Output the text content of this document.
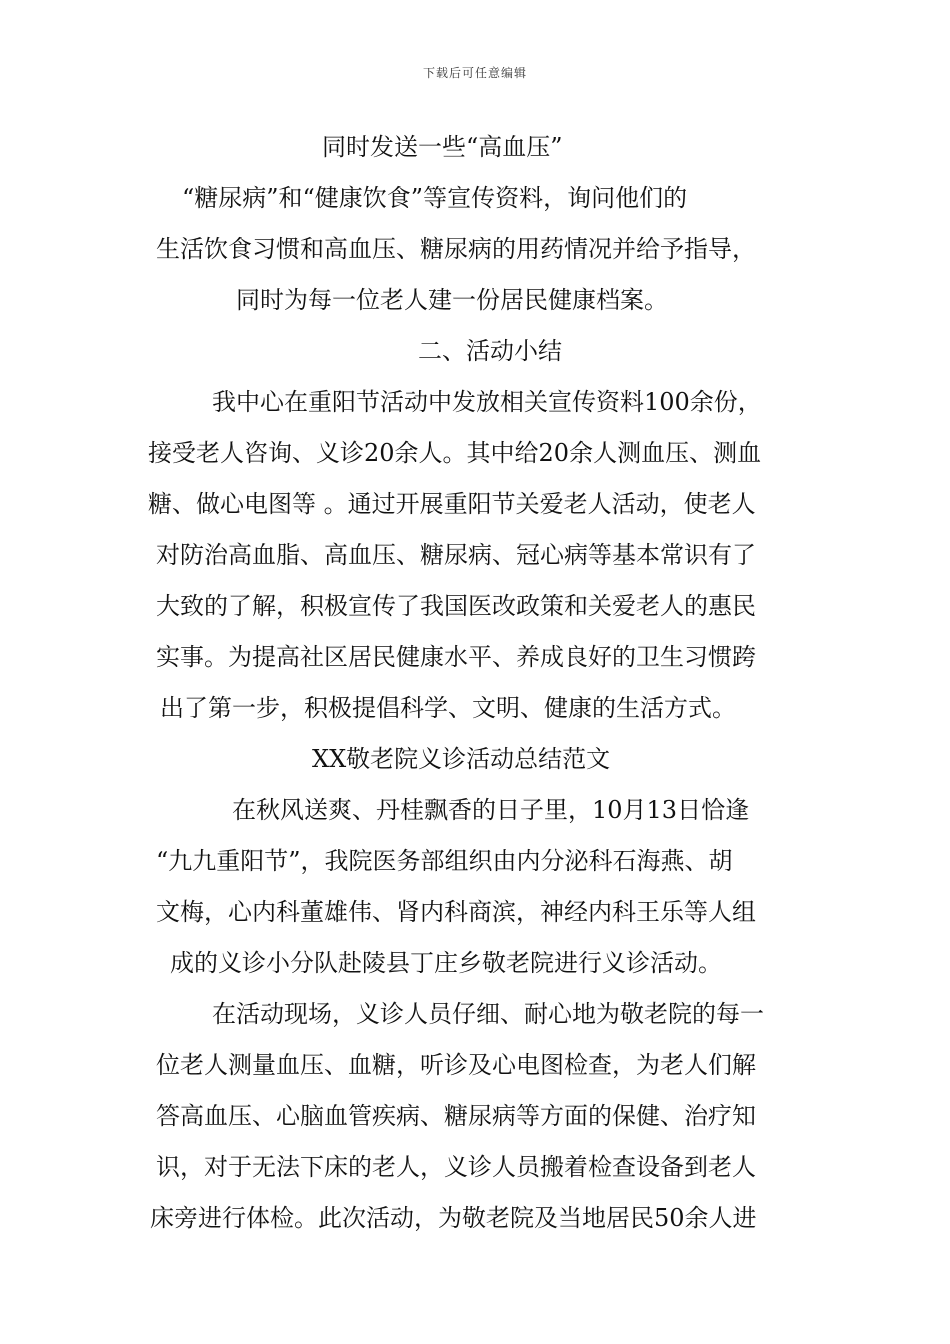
下载后可任意编辑
同时发送一些“高血压”
“糖尿病”和“健康饮食”等宣传资料，询问他们的
生活饮食习惯和高血压、糖尿病的用药情况并给予指导，
同时为每一位老人建一份居民健康档案。
二、活动小结
我中心在重阳节活动中发放相关宣传资料100余份，
接受老人咨询、义诊20余人。其中给20余人测血压、测血
糖、做心电图等 。通过开展重阳节关爱老人活动，使老人
对防治高血脂、高血压、糖尿病、冠心病等基本常识有了
大致的了解，积极宣传了我国医改政策和关爱老人的惠民
实事。为提高社区居民健康水平、养成良好的卫生习惯跨
出了第一步，积极提倡科学、文明、健康的生活方式。
XX敬老院义诊活动总结范文
在秋风送爽、丹桂飘香的日子里，10月13日恰逢
“九九重阳节”，我院医务部组织由内分泌科石海燕、胡
文梅，心内科董雄伟、肾内科商滨，神经内科王乐等人组
成的义诊小分队赴陵县丁庄乡敬老院进行义诊活动。
在活动现场，义诊人员仔细、耐心地为敬老院的每一
位老人测量血压、血糖，听诊及心电图检查，为老人们解
答高血压、心脑血管疾病、糖尿病等方面的保健、治疗知
识，对于无法下床的老人，义诊人员搬着检查设备到老人
床旁进行体检。此次活动，为敬老院及当地居民50余人进
